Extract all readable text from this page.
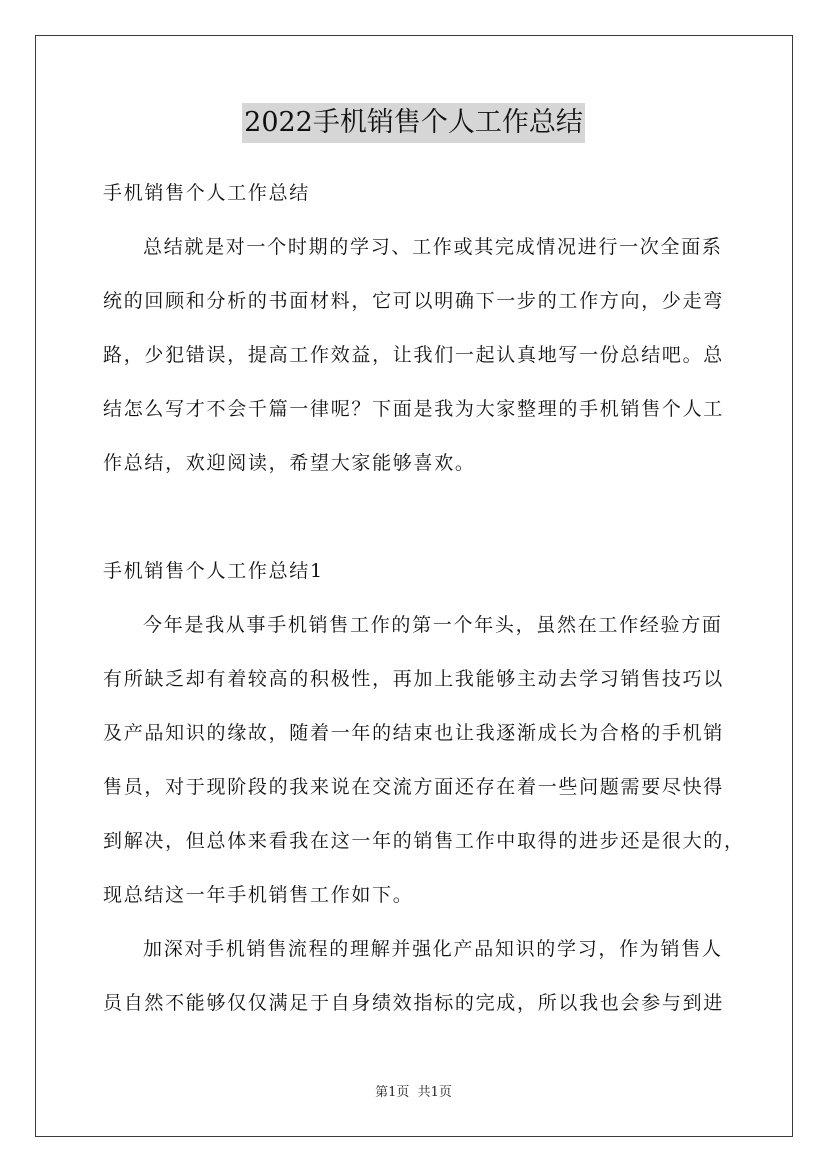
2022手机销售个人工作总结
手机销售个人工作总结
总结就是对一个时期的学习、工作或其完成情况进行一次全面系
统的回顾和分析的书面材料，它可以明确下一步的工作方向，少走弯
路，少犯错误，提高工作效益，让我们一起认真地写一份总结吧。总
结怎么写才不会千篇一律呢？下面是我为大家整理的手机销售个人工
作总结，欢迎阅读，希望大家能够喜欢。
手机销售个人工作总结1
今年是我从事手机销售工作的第一个年头，虽然在工作经验方面
有所缺乏却有着较高的积极性，再加上我能够主动去学习销售技巧以
及产品知识的缘故，随着一年的结束也让我逐渐成长为合格的手机销
售员，对于现阶段的我来说在交流方面还存在着一些问题需要尽快得
到解决，但总体来看我在这一年的销售工作中取得的进步还是很大的，
现总结这一年手机销售工作如下。
加深对手机销售流程的理解并强化产品知识的学习，作为销售人
员自然不能够仅仅满足于自身绩效指标的完成，所以我也会参与到进
第1页  共1页
